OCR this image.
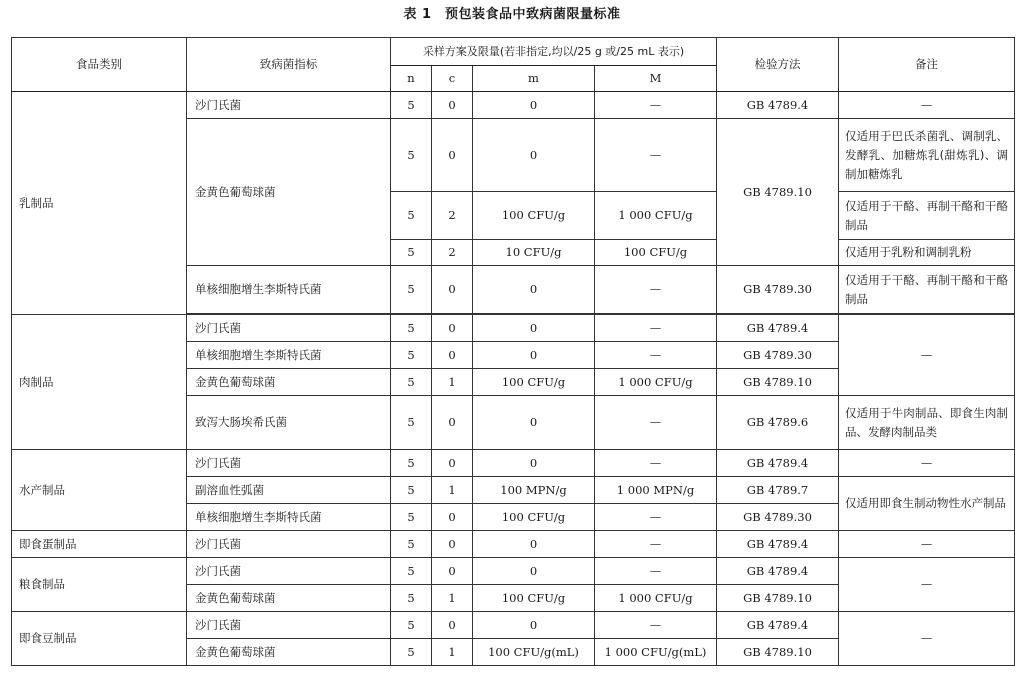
表 1　预包装食品中致病菌限量标准
食品类别	致病菌指标	采样方案及限量(若非指定,均以/25 g 或/25 mL 表示)				检验方法	备注
		n	c	m	M		
乳制品	沙门氏菌	5	0	0	—	GB 4789.4	—
	金黄色葡萄球菌	5	0	0	—	GB 4789.10	仅适用于巴氏杀菌乳、调制乳、发酵乳、加糖炼乳(甜炼乳)、调制加糖炼乳
		5	2	100 CFU/g	1 000 CFU/g		仅适用于干酪、再制干酪和干酪制品
		5	2	10 CFU/g	100 CFU/g		仅适用于乳粉和调制乳粉
	单核细胞增生李斯特氏菌	5	0	0	—	GB 4789.30	仅适用于干酪、再制干酪和干酪制品

肉制品	沙门氏菌	5	0	0	—	GB 4789.4	—
	单核细胞增生李斯特氏菌	5	0	0	—	GB 4789.30	
	金黄色葡萄球菌	5	1	100 CFU/g	1 000 CFU/g	GB 4789.10	
	致泻大肠埃希氏菌	5	0	0	—	GB 4789.6	仅适用于牛肉制品、即食生肉制品、发酵肉制品类
水产制品	沙门氏菌	5	0	0	—	GB 4789.4	—
	副溶血性弧菌	5	1	100 MPN/g	1 000 MPN/g	GB 4789.7	仅适用即食生制动物性水产制品
	单核细胞增生李斯特氏菌	5	0	100 CFU/g	—	GB 4789.30	
即食蛋制品	沙门氏菌	5	0	0	—	GB 4789.4	—
粮食制品	沙门氏菌	5	0	0	—	GB 4789.4	—
	金黄色葡萄球菌	5	1	100 CFU/g	1 000 CFU/g	GB 4789.10	
即食豆制品	沙门氏菌	5	0	0	—	GB 4789.4	—
	金黄色葡萄球菌	5	1	100 CFU/g(mL)	1 000 CFU/g(mL)	GB 4789.10	
